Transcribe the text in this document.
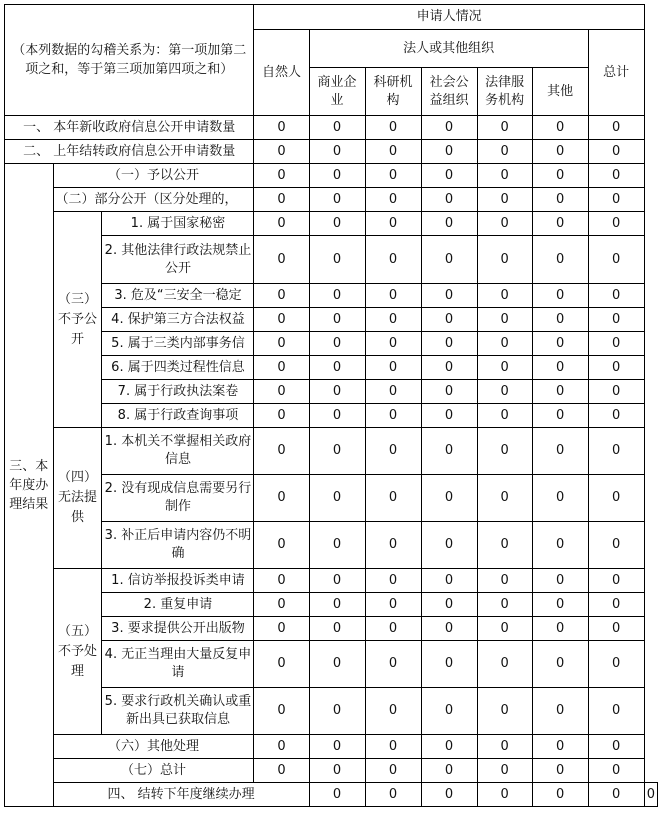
（本列数据的勾稽关系为：第一项加第二项之和，等于第三项加第四项之和）			申请人情况							
			自然人	法人或其他组织					总计	
				商业企业	科研机构	社会公益组织	法律服务机构	其他		
一、 本年新收政府信息公开申请数量			0	0	0	0	0	0	0	
二、 上年结转政府信息公开申请数量			0	0	0	0	0	0	0	
三、本年度办理结果	（一）予以公开		0	0	0	0	0	0	0	
	（二）部分公开（区分处理的，		0	0	0	0	0	0	0	
	（三）不予公开	1. 属于国家秘密	0	0	0	0	0	0	0	
		2. 其他法律行政法规禁止公开	0	0	0	0	0	0	0	
		3. 危及“三安全一稳定	0	0	0	0	0	0	0	
		4. 保护第三方合法权益	0	0	0	0	0	0	0	
		5. 属于三类内部事务信	0	0	0	0	0	0	0	
		6. 属于四类过程性信息	0	0	0	0	0	0	0	
		7. 属于行政执法案卷	0	0	0	0	0	0	0	
		8. 属于行政查询事项	0	0	0	0	0	0	0	
	（四）无法提供	1. 本机关不掌握相关政府信息	0	0	0	0	0	0	0	
		2. 没有现成信息需要另行制作	0	0	0	0	0	0	0	
		3. 补正后申请内容仍不明确	0	0	0	0	0	0	0	
	（五）不予处理	1. 信访举报投诉类申请	0	0	0	0	0	0	0	
		2. 重复申请	0	0	0	0	0	0	0	
		3. 要求提供公开出版物	0	0	0	0	0	0	0	
		4. 无正当理由大量反复申请	0	0	0	0	0	0	0	
		5. 要求行政机关确认或重新出具已获取信息	0	0	0	0	0	0	0	
	（六）其他处理		0	0	0	0	0	0	0	
	（七）总计		0	0	0	0	0	0	0	
	四、 结转下年度继续办理			0	0	0	0	0	0	0
